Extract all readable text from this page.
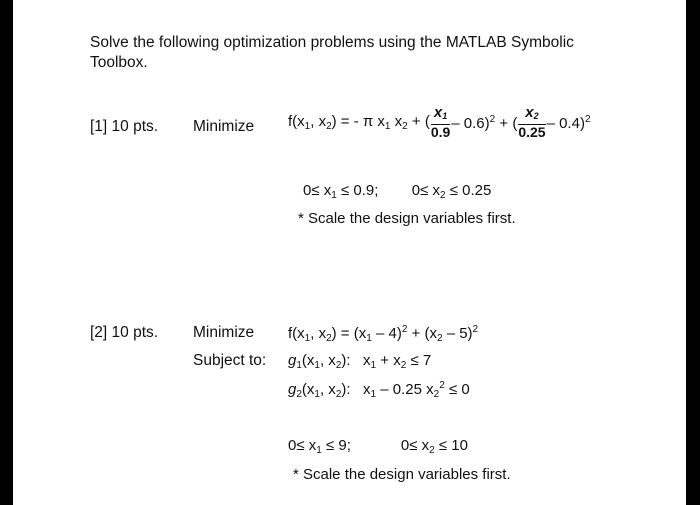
Solve the following optimization problems using the MATLAB Symbolic Toolbox.
[1] 10 pts. Minimize $f(x_1$, $x_2$) = - π $x_1$ $x_2$ + ( $\frac{x_1}{0.9} - 0.6)^2$ + ( $\frac{x_2}{0.25} - 0.4)^2$
$0\le x_1 \le 0.9$;        $0\le x_2 \le 0.25$
* Scale the design variables first.
[2] 10 pts. Minimize
Subject to:
$f(x_1$, $x_2) = (x_1 - 4)^2 + (x_2 - 5)^2$
$g_1(x_1$, $x_2$):   $x_1 + x_2 \le 7$
$g_2(x_1$, $x_2$):   $x_1 - 0.25$ $x_2^2 \le 0$
$0\le x_1 \le 9$;            $0\le x_2 \le 10$
* Scale the design variables first.
